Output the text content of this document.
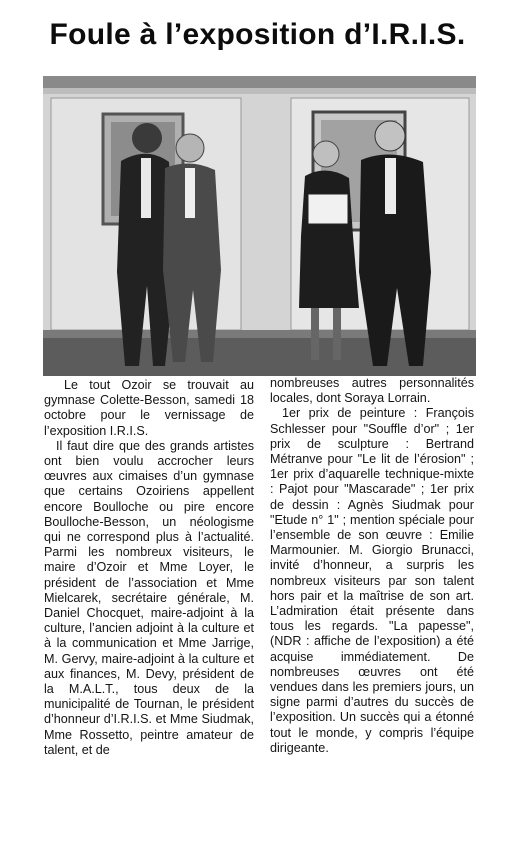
Foule à l’exposition d’I.R.I.S.

Le tout Ozoir se trouvait au gymnase Colette-Besson, samedi 18 octobre pour le vernissage de l’exposition I.R.I.S.

Il faut dire que des grands artistes ont bien voulu accrocher leurs œuvres aux cimaises d’un gymnase que certains Ozoiriens appellent encore Boulloche ou pire encore Boulloche-Besson, un néologisme qui ne correspond plus à l’actualité. Parmi les nombreux visiteurs, le maire d’Ozoir et Mme Loyer, le président de l’association et Mme Mielcarek, secrétaire générale, M. Daniel Chocquet, maire-adjoint à la culture, l’ancien adjoint à la culture et à la communication et Mme Jarrige, M. Gervy, maire-adjoint à la culture et aux finances, M. Devy, président de la M.A.L.T., tous deux de la municipalité de Tournan, le président d’honneur d’I.R.I.S. et Mme Siudmak, Mme Rossetto, peintre amateur de talent, et de

nombreuses autres personnalités locales, dont Soraya Lorrain.

1er prix de peinture : François Schlesser pour "Souffle d’or" ; 1er prix de sculpture : Bertrand Métranve pour "Le lit de l’érosion" ; 1er prix d’aquarelle technique-mixte : Pajot pour "Mascarade" ; 1er prix de dessin : Agnès Siudmak pour "Etude n° 1" ; mention spéciale pour l’ensemble de son œuvre : Emilie Marmounier. M. Giorgio Brunacci, invité d’honneur, a surpris les nombreux visiteurs par son talent hors pair et la maîtrise de son art. L’admiration était présente dans tous les regards. "La papesse", (NDR : affiche de l’exposition) a été acquise immédiatement. De nombreuses œuvres ont été vendues dans les premiers jours, un signe parmi d’autres du succès de l’exposition. Un succès qui a étonné tout le monde, y compris l’équipe dirigeante.
